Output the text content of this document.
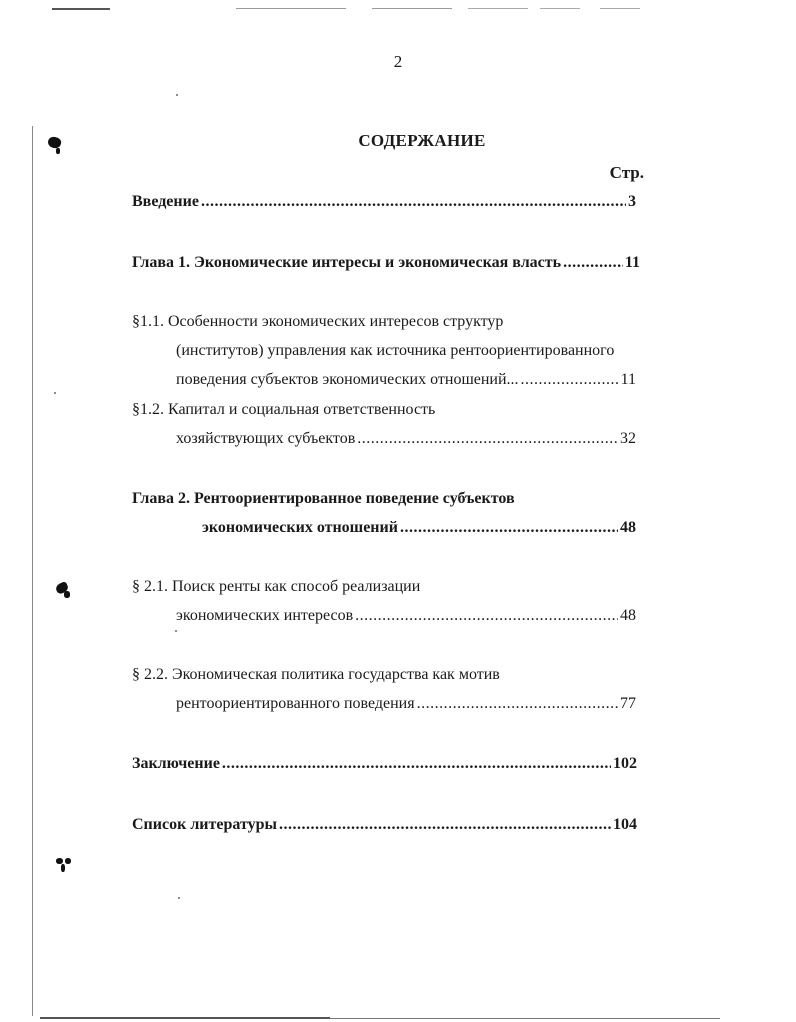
2
СОДЕРЖАНИЕ
Стр.
Введение .....	3
Глава 1. Экономические интересы и экономическая власть .....	11
§1.1. Особенности экономических интересов структур
(институтов) управления как источника рентоориентированного
поведения субъектов экономических отношений... .....	11
§1.2. Капитал и социальная ответственность
хозяйствующих субъектов .....	32
Глава 2. Рентоориентированное поведение субъектов
экономических отношений .....	48
§ 2.1. Поиск ренты как способ реализации
экономических интересов .....	48
§ 2.2. Экономическая политика государства как мотив
рентоориентированного поведения .....	77
Заключение .....	102
Список литературы .....	104
